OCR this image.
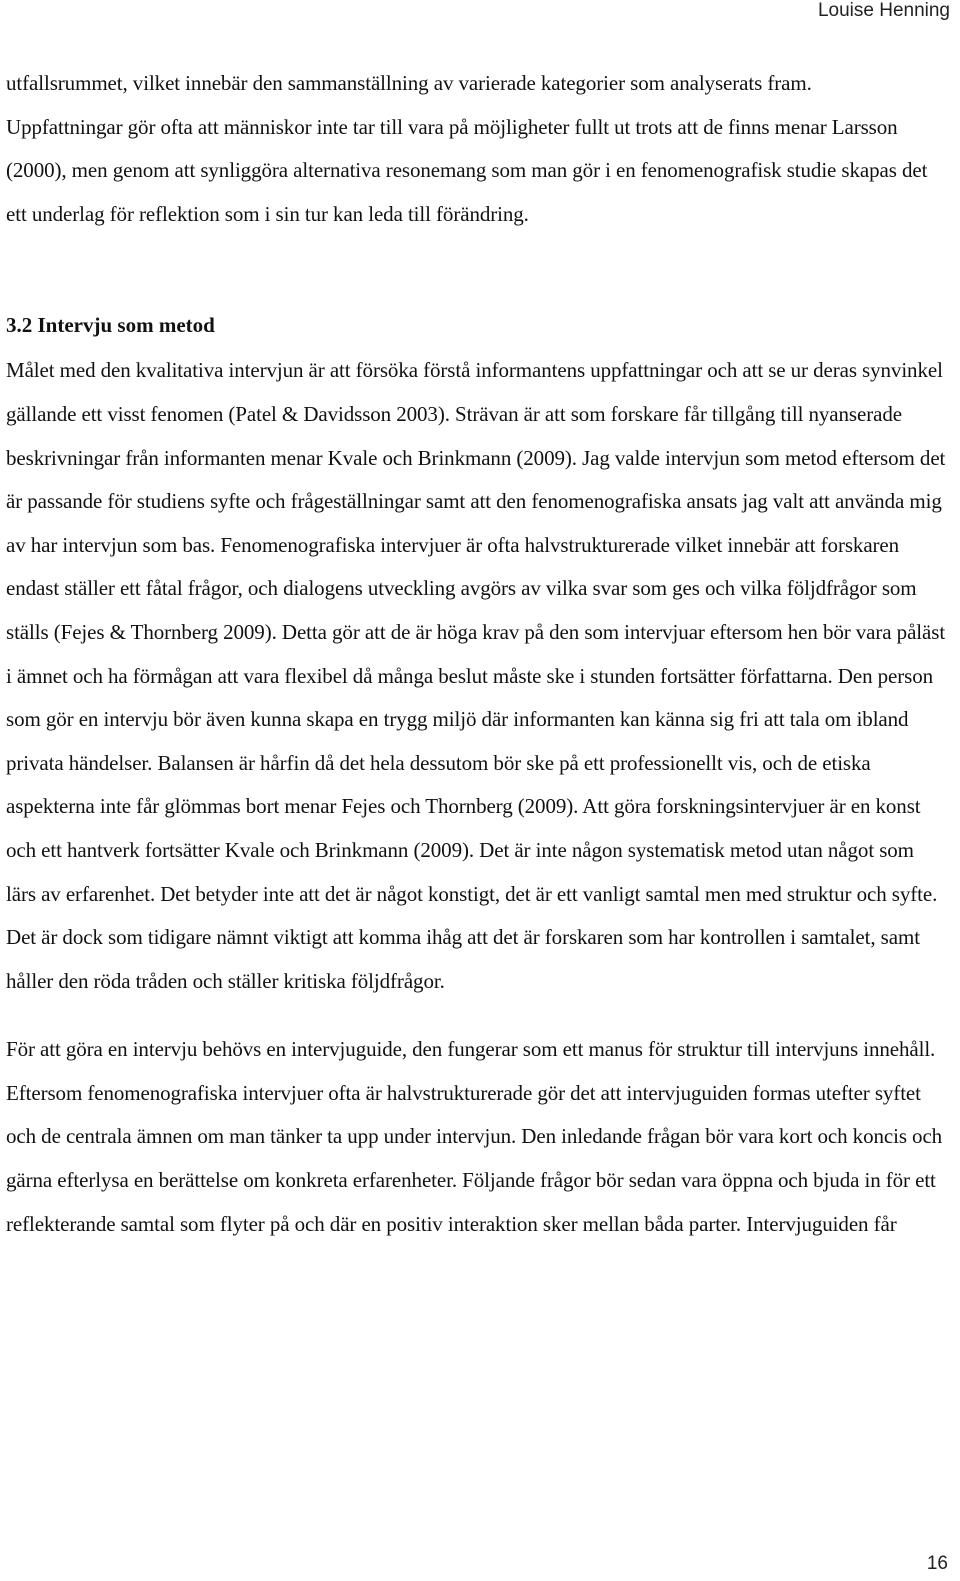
Louise Henning

utfallsrummet, vilket innebär den sammanställning av varierade kategorier som analyserats fram.

Uppfattningar gör ofta att människor inte tar till vara på möjligheter fullt ut trots att de finns menar Larsson (2000), men genom att synliggöra alternativa resonemang som man gör i en fenomenografisk studie skapas det ett underlag för reflektion som i sin tur kan leda till förändring.

3.2 Intervju som metod

Målet med den kvalitativa intervjun är att försöka förstå informantens uppfattningar och att se ur deras synvinkel gällande ett visst fenomen (Patel & Davidsson 2003). Strävan är att som forskare får tillgång till nyanserade beskrivningar från informanten menar Kvale och Brinkmann (2009). Jag valde intervjun som metod eftersom det är passande för studiens syfte och frågeställningar samt att den fenomenografiska ansats jag valt att använda mig av har intervjun som bas. Fenomenografiska intervjuer är ofta halvstrukturerade vilket innebär att forskaren endast ställer ett fåtal frågor, och dialogens utveckling avgörs av vilka svar som ges och vilka följdfrågor som ställs (Fejes & Thornberg 2009). Detta gör att de är höga krav på den som intervjuar eftersom hen bör vara påläst i ämnet och ha förmågan att vara flexibel då många beslut måste ske i stunden fortsätter författarna. Den person som gör en intervju bör även kunna skapa en trygg miljö där informanten kan känna sig fri att tala om ibland privata händelser. Balansen är hårfin då det hela dessutom bör ske på ett professionellt vis, och de etiska aspekterna inte får glömmas bort menar Fejes och Thornberg (2009). Att göra forskningsintervjuer är en konst och ett hantverk fortsätter Kvale och Brinkmann (2009). Det är inte någon systematisk metod utan något som lärs av erfarenhet. Det betyder inte att det är något konstigt, det är ett vanligt samtal men med struktur och syfte. Det är dock som tidigare nämnt viktigt att komma ihåg att det är forskaren som har kontrollen i samtalet, samt håller den röda tråden och ställer kritiska följdfrågor.

För att göra en intervju behövs en intervjuguide, den fungerar som ett manus för struktur till intervjuns innehåll. Eftersom fenomenografiska intervjuer ofta är halvstrukturerade gör det att intervjuguiden formas utefter syftet och de centrala ämnen om man tänker ta upp under intervjun. Den inledande frågan bör vara kort och koncis och gärna efterlysa en berättelse om konkreta erfarenheter. Följande frågor bör sedan vara öppna och bjuda in för ett reflekterande samtal som flyter på och där en positiv interaktion sker mellan båda parter. Intervjuguiden får

16
